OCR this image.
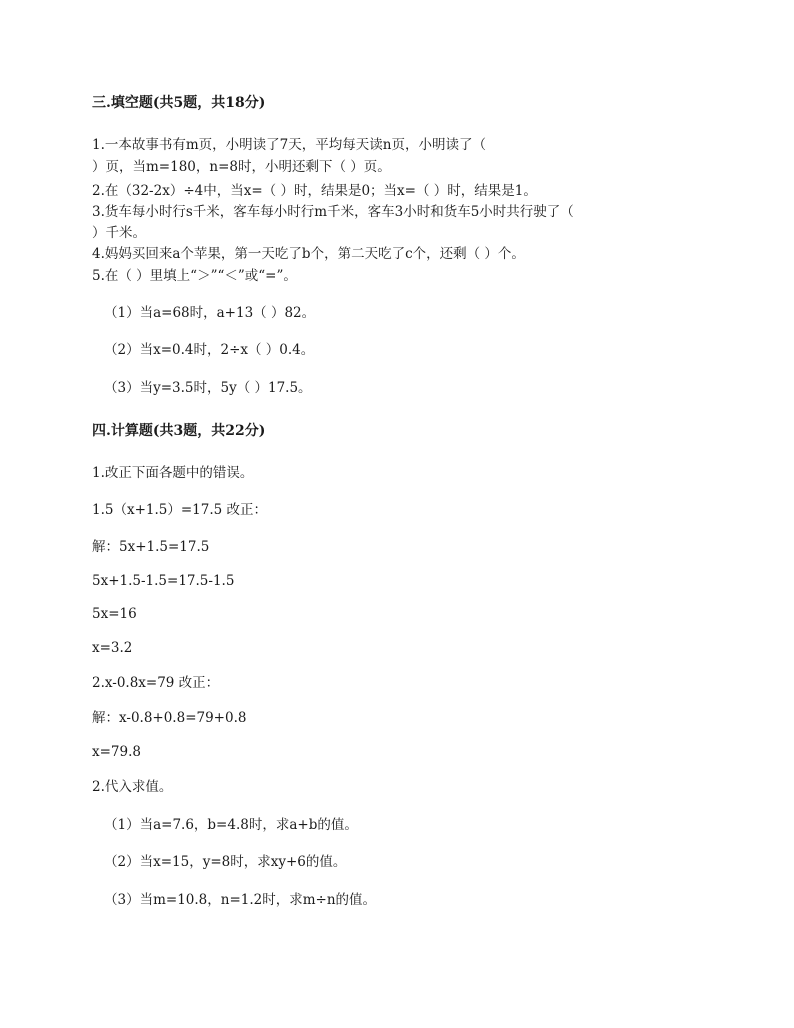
三.填空题(共5题，共18分)
1.一本故事书有m页，小明读了7天，平均每天读n页，小明读了（
）页，当m=180，n=8时，小明还剩下（ ）页。
2.在（32-2x）÷4中，当x=（ ）时，结果是0；当x=（ ）时，结果是1。
3.货车每小时行s千米，客车每小时行m千米，客车3小时和货车5小时共行驶了（
）千米。
4.妈妈买回来a个苹果，第一天吃了b个，第二天吃了c个，还剩（ ）个。
5.在（ ）里填上“＞”“＜”或“=”。
（1）当a=68时，a+13（ ）82。
（2）当x=0.4时，2÷x（ ）0.4。
（3）当y=3.5时，5y（ ）17.5。
四.计算题(共3题，共22分)
1.改正下面各题中的错误。
1.5（x+1.5）=17.5 改正：
解：5x+1.5=17.5
5x+1.5-1.5=17.5-1.5
5x=16
x=3.2
2.x-0.8x=79 改正：
解：x-0.8+0.8=79+0.8
x=79.8
2.代入求值。
（1）当a=7.6，b=4.8时，求a+b的值。
（2）当x=15，y=8时，求xy+6的值。
（3）当m=10.8，n=1.2时，求m÷n的值。
